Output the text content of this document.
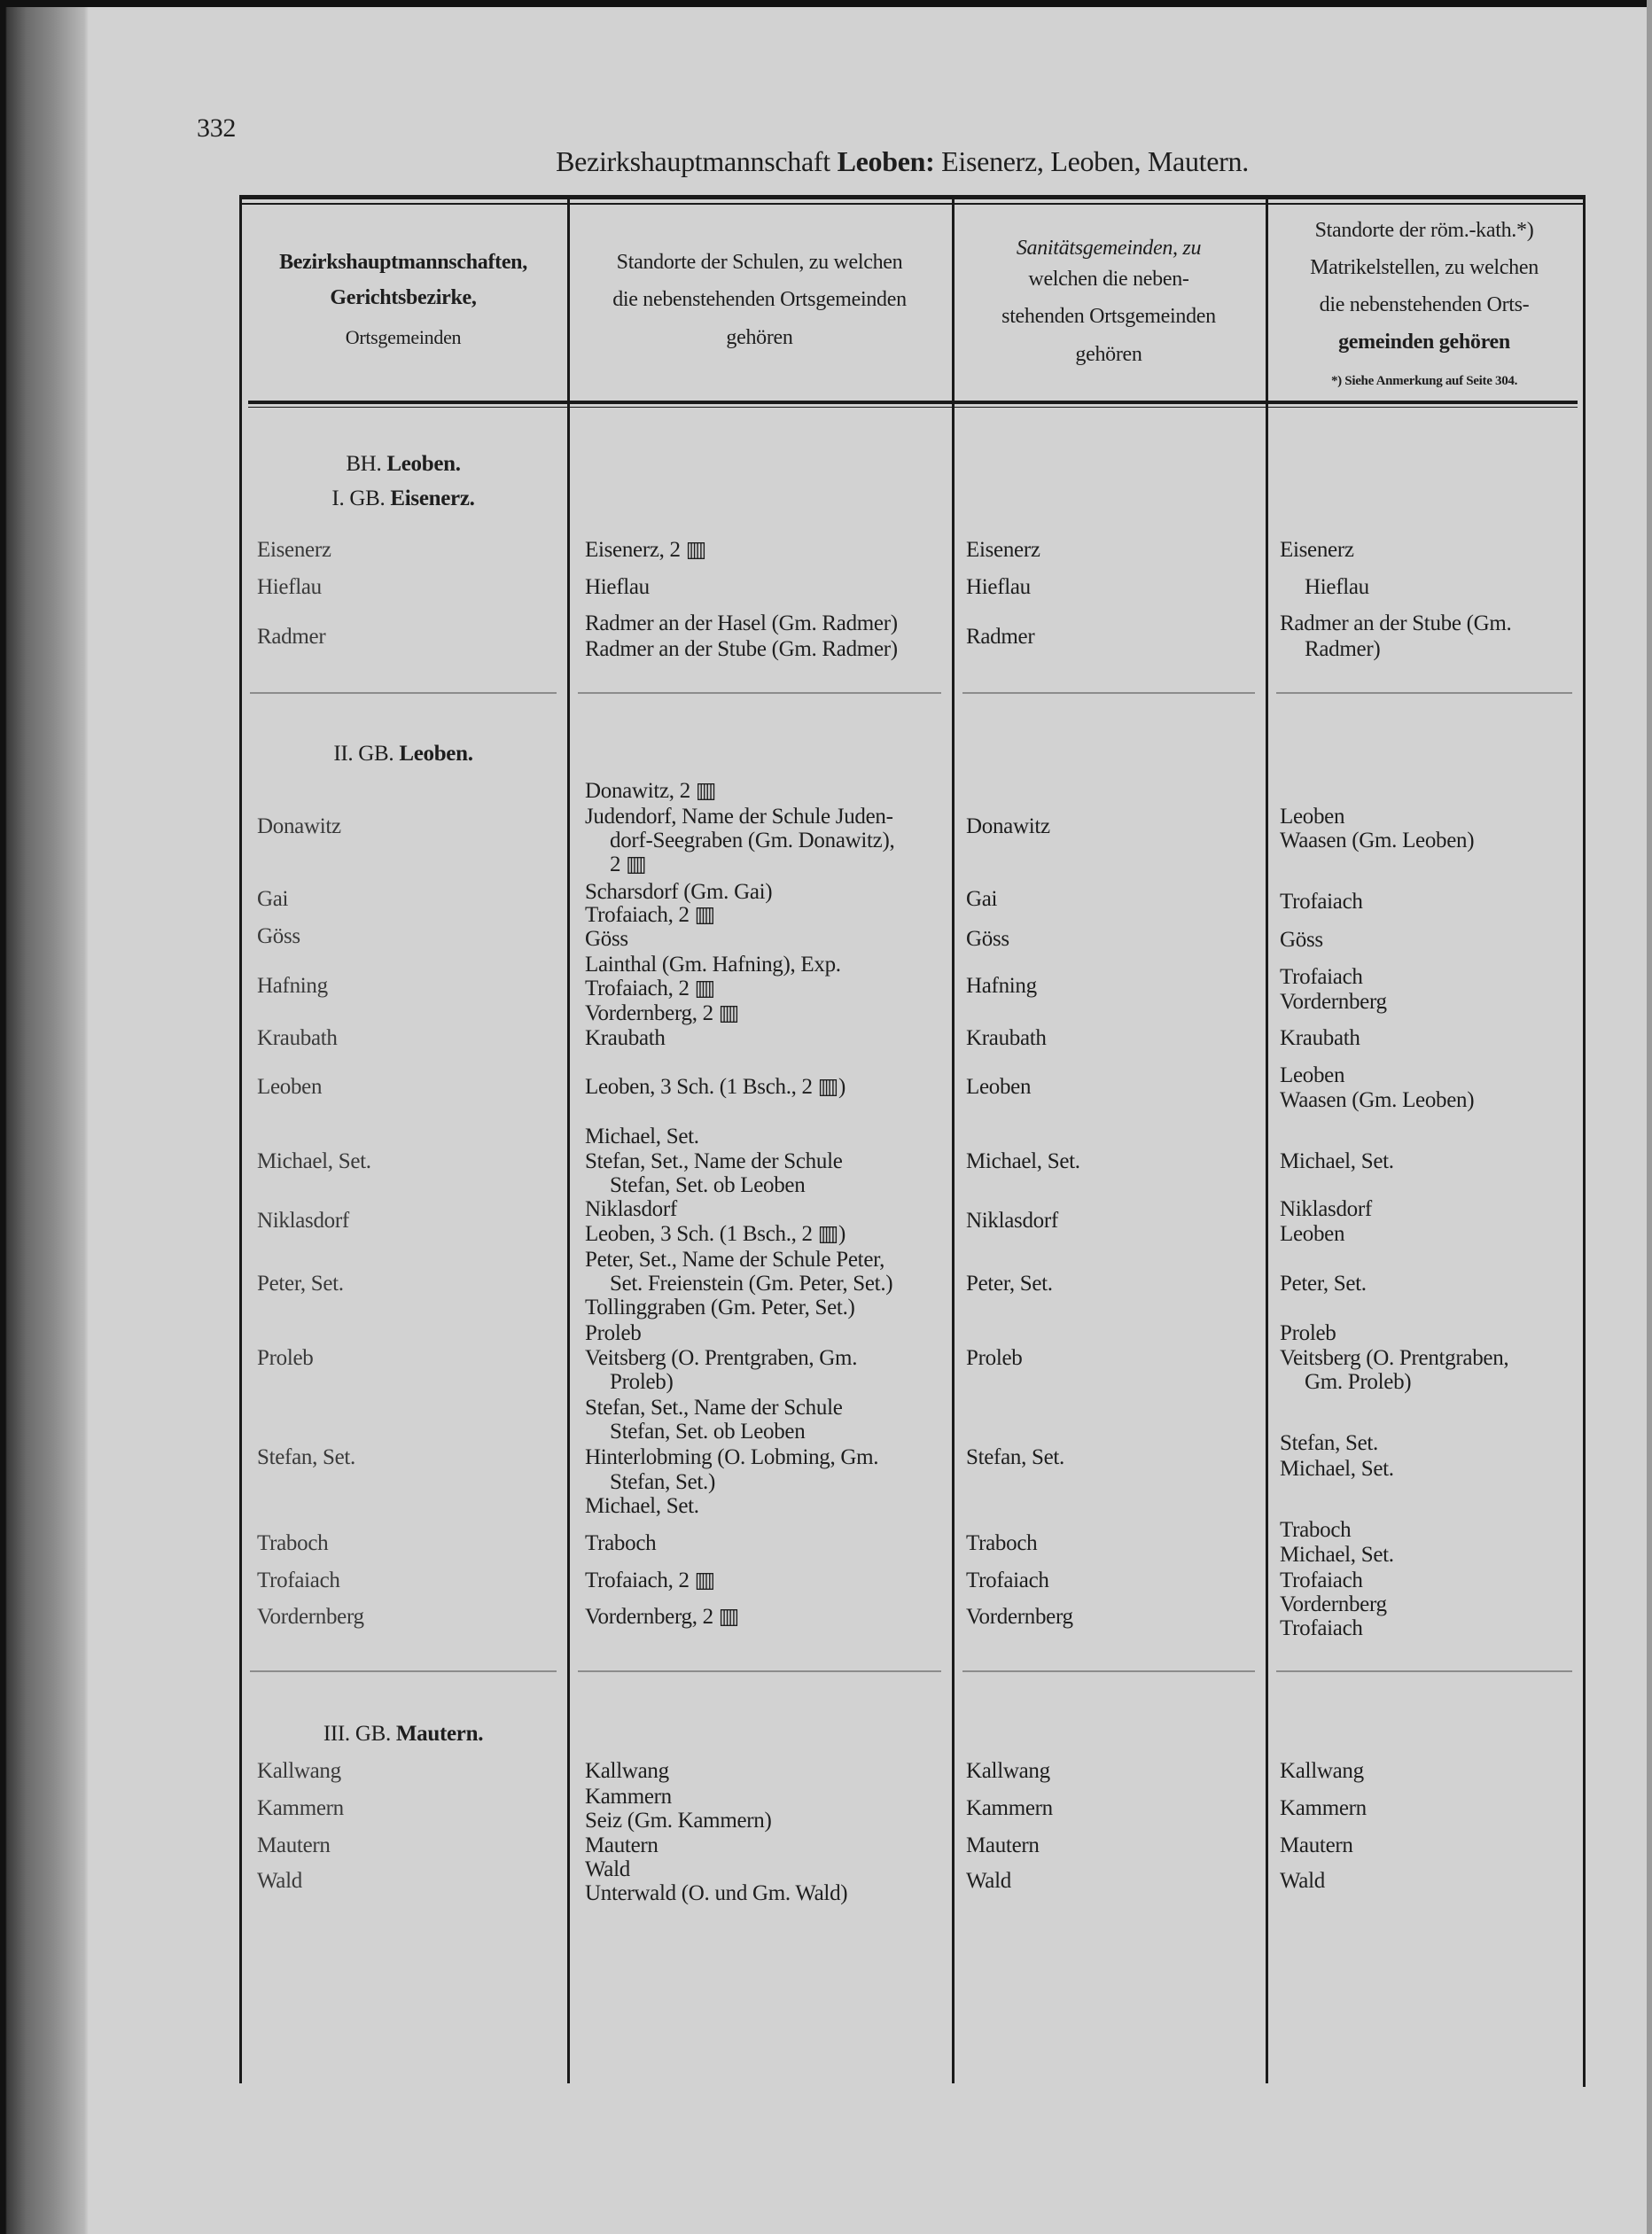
332
Bezirkshauptmannschaft Leoben: Eisenerz, Leoben, Mautern.
Bezirkshauptmannschaften,
Gerichtsbezirke,
Ortsgemeinden
Standorte der Schulen, zu welchen
die nebenstehenden Ortsgemeinden
gehören
Sanitätsgemeinden, zu
welchen die neben-
stehenden Ortsgemeinden
gehören
Standorte der röm.-kath.*)
Matrikelstellen, zu welchen
die nebenstehenden Orts-
gemeinden gehören
*) Siehe Anmerkung auf Seite 304.
BH. Leoben.
I. GB. Eisenerz.
Eisenerz
Hieflau
Radmer
Eisenerz, 2 ▥
Hieflau
Radmer an der Hasel (Gm. Radmer)
Radmer an der Stube (Gm. Radmer)
Eisenerz
Hieflau
Radmer
Eisenerz
Hieflau
Radmer an der Stube (Gm.
Radmer)
II. GB. Leoben.
Donawitz
Gai
Göss
Hafning
Kraubath
Leoben
Michael, Set.
Niklasdorf
Peter, Set.
Proleb
Stefan, Set.
Traboch
Trofaiach
Vordernberg
Donawitz, 2 ▥
Judendorf, Name der Schule Juden-
dorf-Seegraben (Gm. Donawitz),
2 ▥
Scharsdorf (Gm. Gai)
Trofaiach, 2 ▥
Göss
Lainthal (Gm. Hafning), Exp.
Trofaiach, 2 ▥
Vordernberg, 2 ▥
Kraubath
Leoben, 3 Sch. (1 Bsch., 2 ▥)
Michael, Set.
Stefan, Set., Name der Schule
Stefan, Set. ob Leoben
Niklasdorf
Leoben, 3 Sch. (1 Bsch., 2 ▥)
Peter, Set., Name der Schule Peter,
Set. Freienstein (Gm. Peter, Set.)
Tollinggraben (Gm. Peter, Set.)
Proleb
Veitsberg (O. Prentgraben, Gm.
Proleb)
Stefan, Set., Name der Schule
Stefan, Set. ob Leoben
Hinterlobming (O. Lobming, Gm.
Stefan, Set.)
Michael, Set.
Traboch
Trofaiach, 2 ▥
Vordernberg, 2 ▥
Donawitz
Gai
Göss
Hafning
Kraubath
Leoben
Michael, Set.
Niklasdorf
Peter, Set.
Proleb
Stefan, Set.
Traboch
Trofaiach
Vordernberg
Leoben
Waasen (Gm. Leoben)
Trofaiach
Göss
Trofaiach
Vordernberg
Kraubath
Leoben
Waasen (Gm. Leoben)
Michael, Set.
Niklasdorf
Leoben
Peter, Set.
Proleb
Veitsberg (O. Prentgraben,
Gm. Proleb)
Stefan, Set.
Michael, Set.
Traboch
Michael, Set.
Trofaiach
Vordernberg
Trofaiach
III. GB. Mautern.
Kallwang
Kammern
Mautern
Wald
Kallwang
Kammern
Seiz (Gm. Kammern)
Mautern
Wald
Unterwald (O. und Gm. Wald)
Kallwang
Kammern
Mautern
Wald
Kallwang
Kammern
Mautern
Wald
